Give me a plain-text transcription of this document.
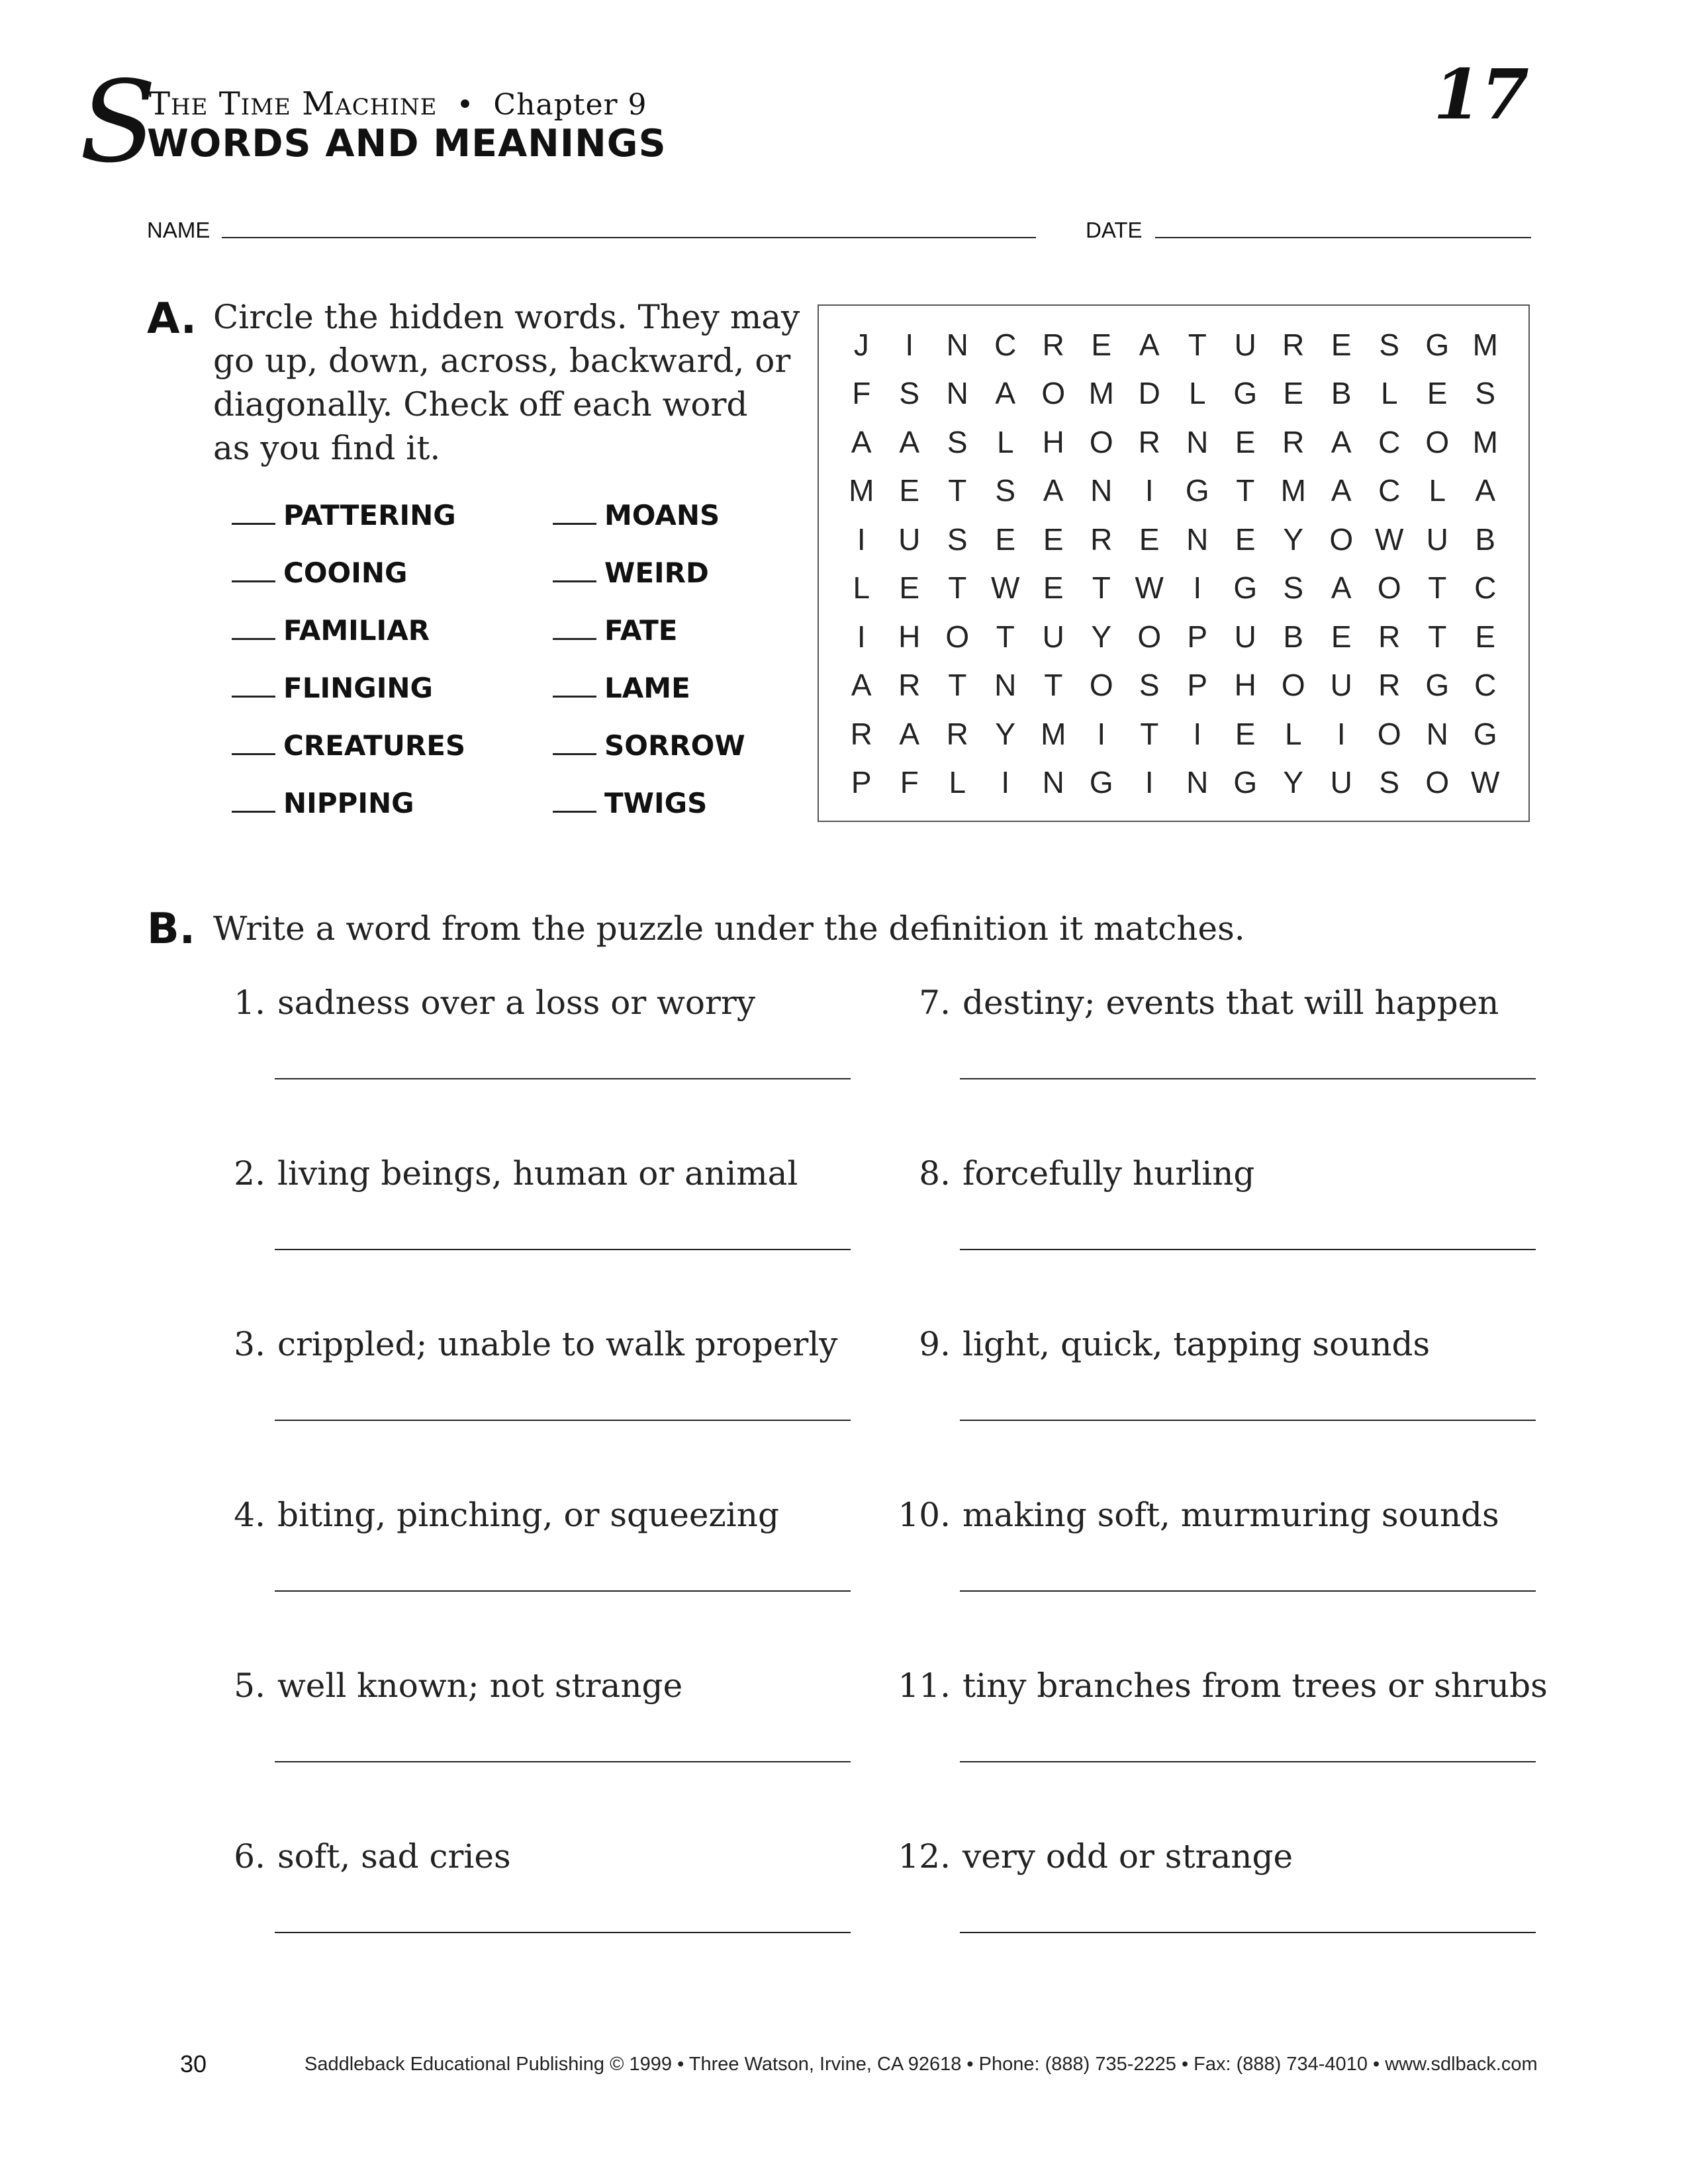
S
The Time Machine • Chapter 9
WORDS AND MEANINGS
17
NAME	DATE
A. Circle the hidden words. They may
go up, down, across, backward, or
diagonally. Check off each word
as you find it.
PATTERING
COOING
FAMILIAR
FLINGING
CREATURES
NIPPING
MOANS
WEIRD
FATE
LAME
SORROW
TWIGS
J	I	N	C	R	E	A	T	U	R	E	S	G	M
F	S	N	A	O	M	D	L	G	E	B	L	E	S
A	A	S	L	H	O	R	N	E	R	A	C	O	M
M	E	T	S	A	N	I	G	T	M	A	C	L	A
I	U	S	E	E	R	E	N	E	Y	O	W	U	B
L	E	T	W	E	T	W	I	G	S	A	O	T	C
I	H	O	T	U	Y	O	P	U	B	E	R	T	E
A	R	T	N	T	O	S	P	H	O	U	R	G	C
R	A	R	Y	M	I	T	I	E	L	I	O	N	G
P	F	L	I	N	G	I	N	G	Y	U	S	O	W
B. Write a word from the puzzle under the definition it matches.
1. sadness over a loss or worry
2. living beings, human or animal
3. crippled; unable to walk properly
4. biting, pinching, or squeezing
5. well known; not strange
6. soft, sad cries
7. destiny; events that will happen
8. forcefully hurling
9. light, quick, tapping sounds
10. making soft, murmuring sounds
11. tiny branches from trees or shrubs
12. very odd or strange
30	Saddleback Educational Publishing © 1999 • Three Watson, Irvine, CA 92618 • Phone: (888) 735-2225 • Fax: (888) 734-4010 • www.sdlback.com
